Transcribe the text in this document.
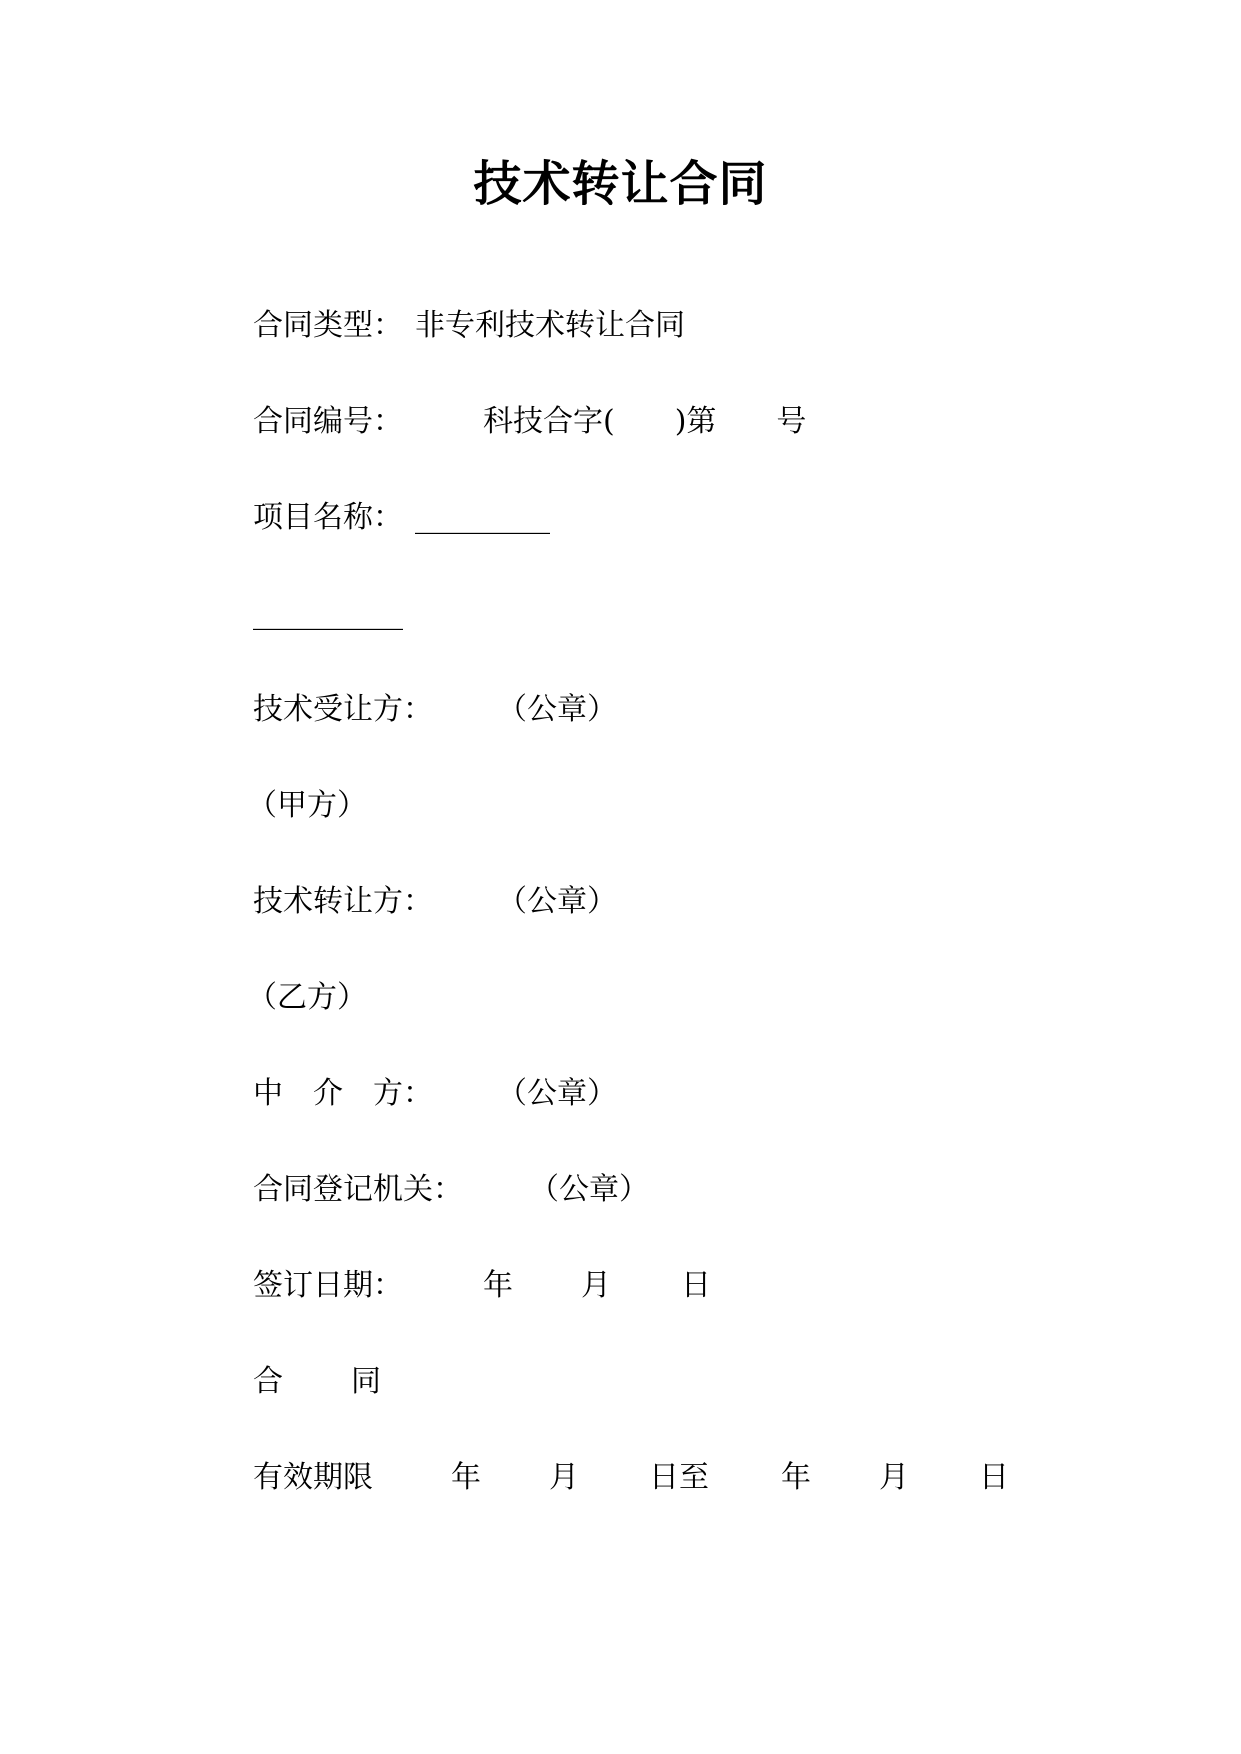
技术转让合同
合同类型： 非专利技术转让合同
合同编号：	科技合字(　　)第　　号
项目名称： _________
__________
技术受让方： （公章）
（甲方）
技术转让方： （公章）
（乙方）
中　介　方： （公章）
合同登记机关： （公章）
签订日期：	年 月 日
合 同
有效期限	年 月 日至 年 月 日
